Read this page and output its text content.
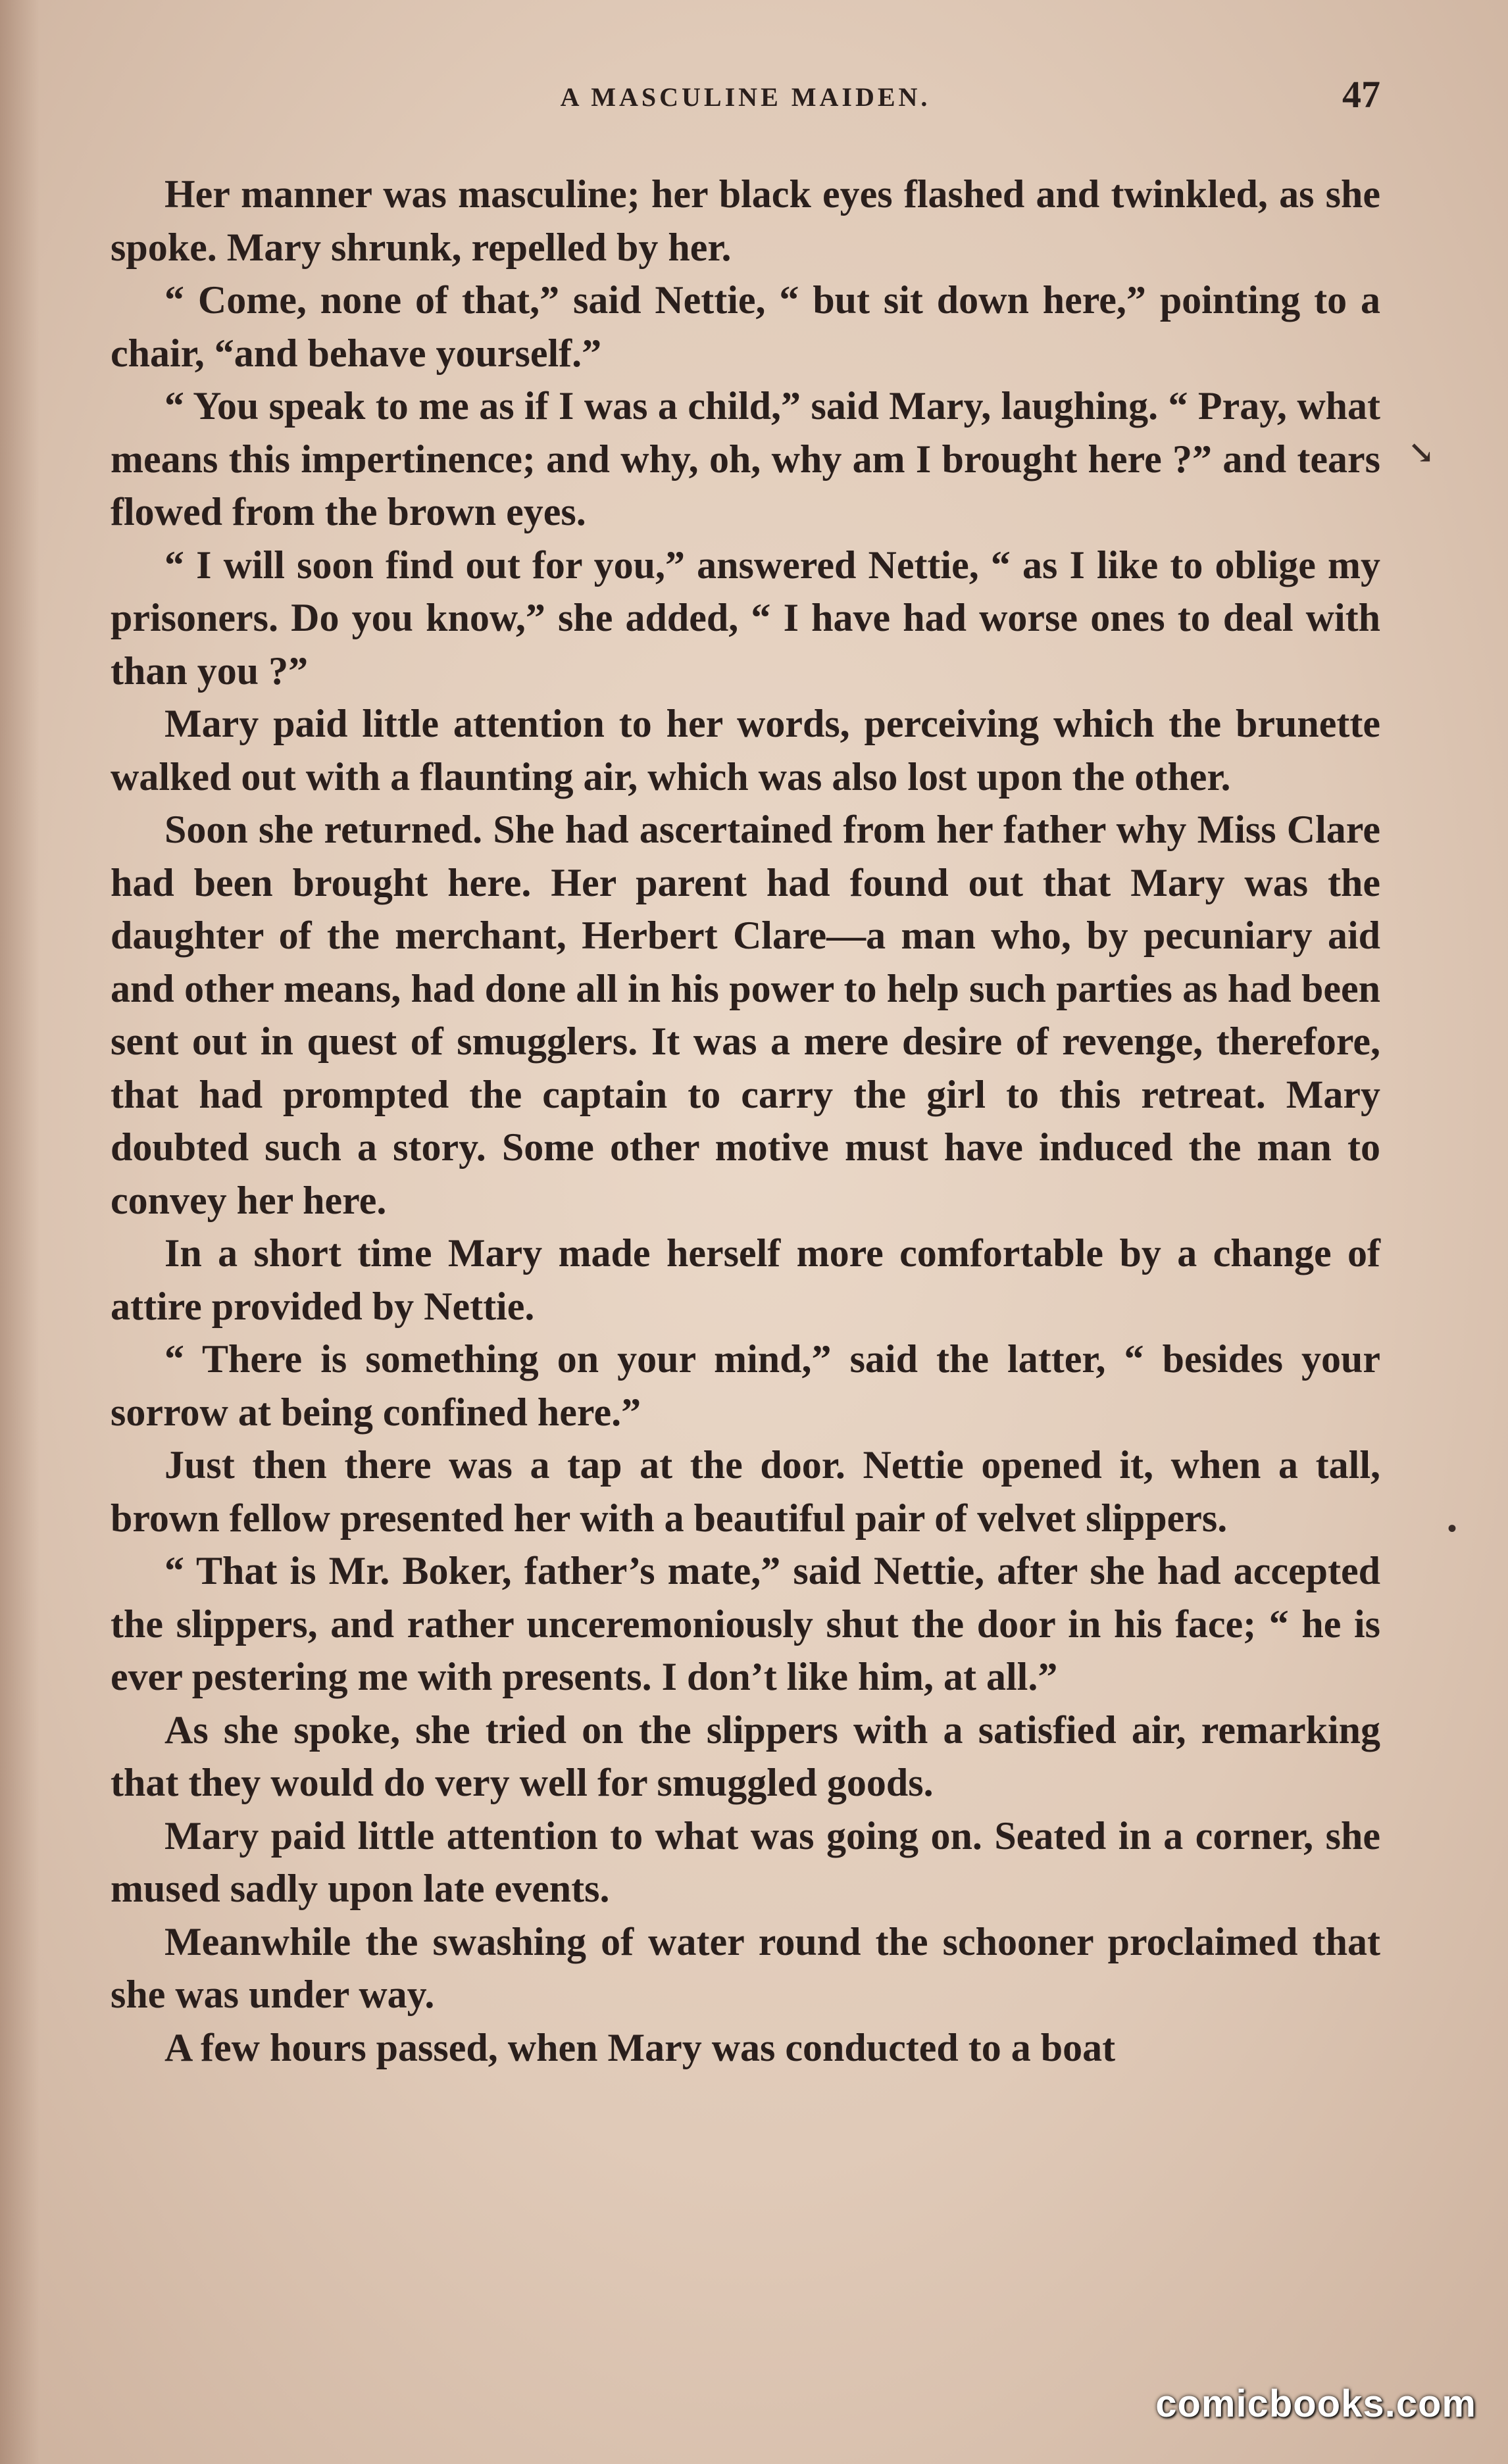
A MASCULINE MAIDEN.	47

Her manner was masculine; her black eyes flashed and twinkled, as she spoke. Mary shrunk, repelled by her.

“ Come, none of that,” said Nettie, “ but sit down here,” pointing to a chair, “and behave yourself.”

“ You speak to me as if I was a child,” said Mary, laughing. “ Pray, what means this impertinence; and why, oh, why am I brought here ?” and tears flowed from the brown eyes.

“ I will soon find out for you,” answered Nettie, “ as I like to oblige my prisoners. Do you know,” she added, “ I have had worse ones to deal with than you ?”

Mary paid little attention to her words, perceiving which the brunette walked out with a flaunting air, which was also lost upon the other.

Soon she returned. She had ascertained from her father why Miss Clare had been brought here. Her parent had found out that Mary was the daughter of the merchant, Herbert Clare—a man who, by pecuniary aid and other means, had done all in his power to help such parties as had been sent out in quest of smugglers. It was a mere desire of revenge, therefore, that had prompted the captain to carry the girl to this retreat. Mary doubted such a story. Some other motive must have induced the man to convey her here.

In a short time Mary made herself more comfortable by a change of attire provided by Nettie.

“ There is something on your mind,” said the latter, “ besides your sorrow at being confined here.”

Just then there was a tap at the door. Nettie opened it, when a tall, brown fellow presented her with a beautiful pair of velvet slippers.

“ That is Mr. Boker, father’s mate,” said Nettie, after she had accepted the slippers, and rather unceremoniously shut the door in his face; “ he is ever pestering me with presents. I don’t like him, at all.”

As she spoke, she tried on the slippers with a satisfied air, remarking that they would do very well for smuggled goods.

Mary paid little attention to what was going on. Seated in a corner, she mused sadly upon late events.

Meanwhile the swashing of water round the schooner proclaimed that she was under way.

A few hours passed, when Mary was conducted to a boat

↘
•
comicbooks.com
